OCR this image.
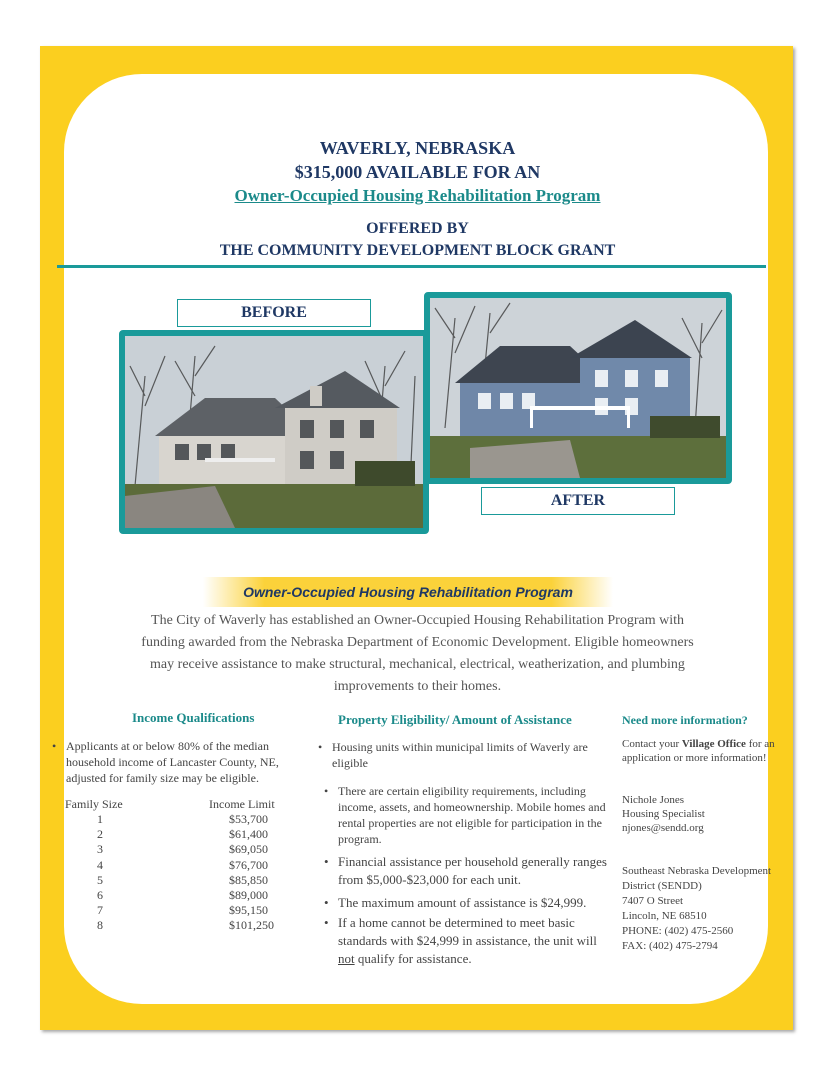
WAVERLY, NEBRASKA
$315,000 AVAILABLE FOR AN
Owner-Occupied Housing Rehabilitation Program
OFFERED BY
THE COMMUNITY DEVELOPMENT BLOCK GRANT
BEFORE
AFTER
Owner-Occupied Housing Rehabilitation Program
The City of Waverly has established an Owner-Occupied Housing Rehabilitation Program with funding awarded from the Nebraska Department of Economic Development. Eligible homeowners may receive assistance to make structural, mechanical, electrical, weatherization, and plumbing improvements to their homes.
Income Qualifications
• Applicants at or below 80% of the median household income of Lancaster County, NE, adjusted for family size may be eligible.
Family Size	Income Limit
1	$53,700
2	$61,400
3	$69,050
4	$76,700
5	$85,850
6	$89,000
7	$95,150
8	$101,250
Property Eligibility/ Amount of Assistance
• Housing units within municipal limits of Waverly are eligible
• There are certain eligibility requirements, including income, assets, and homeownership. Mobile homes and rental properties are not eligible for participation in the program.
• Financial assistance per household generally ranges from $5,000-$23,000 for each unit.
• The maximum amount of assistance is $24,999.
• If a home cannot be determined to meet basic standards with $24,999 in assistance, the unit will not qualify for assistance.
Need more information?
Contact your Village Office for an application or more information!
Nichole Jones
Housing Specialist
njones@sendd.org
Southeast Nebraska Development District (SENDD)
7407 O Street
Lincoln, NE 68510
PHONE: (402) 475-2560
FAX: (402) 475-2794
